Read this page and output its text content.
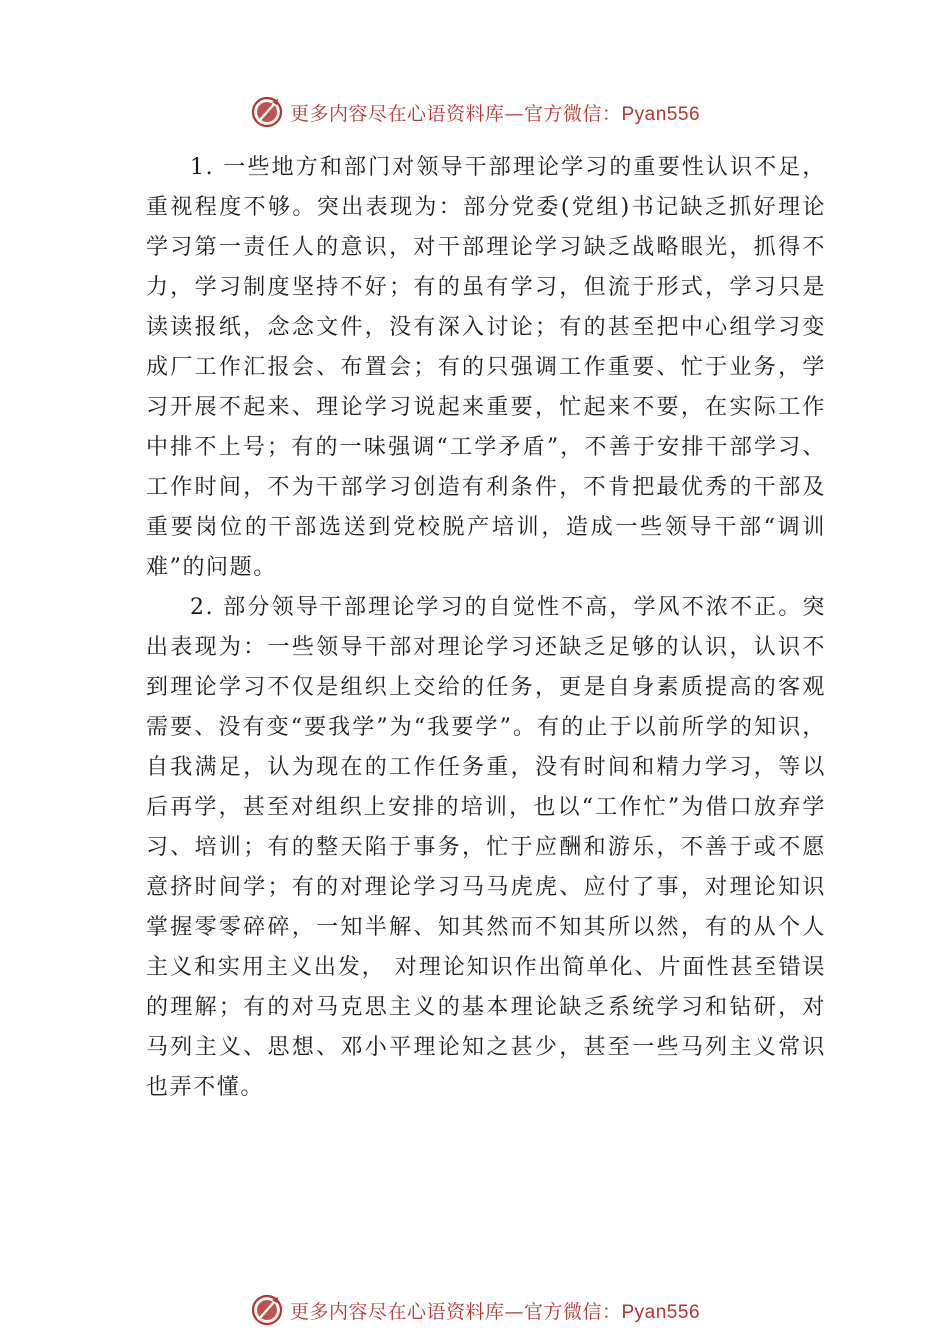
更多内容尽在心语资料库—官方微信：Pyan556

1. 一些地方和部门对领导干部理论学习的重要性认识不足，重视程度不够。突出表现为：部分党委(党组)书记缺乏抓好理论学习第一责任人的意识，对干部理论学习缺乏战略眼光，抓得不力，学习制度坚持不好；有的虽有学习，但流于形式，学习只是读读报纸，念念文件，没有深入讨论；有的甚至把中心组学习变成厂工作汇报会、布置会；有的只强调工作重要、忙于业务，学习开展不起来、理论学习说起来重要，忙起来不要，在实际工作中排不上号；有的一味强调“工学矛盾”，不善于安排干部学习、工作时间，不为干部学习创造有利条件，不肯把最优秀的干部及重要岗位的干部选送到党校脱产培训，造成一些领导干部“调训难”的问题。

2. 部分领导干部理论学习的自觉性不高，学风不浓不正。突出表现为：一些领导干部对理论学习还缺乏足够的认识，认识不到理论学习不仅是组织上交给的任务，更是自身素质提高的客观需要、没有变“要我学”为“我要学”。有的止于以前所学的知识，自我满足，认为现在的工作任务重，没有时间和精力学习，等以后再学，甚至对组织上安排的培训，也以“工作忙”为借口放弃学习、培训；有的整天陷于事务，忙于应酬和游乐，不善于或不愿意挤时间学；有的对理论学习马马虎虎、应付了事，对理论知识掌握零零碎碎，一知半解、知其然而不知其所以然，有的从个人主义和实用主义出发， 对理论知识作出简单化、片面性甚至错误的理解；有的对马克思主义的基本理论缺乏系统学习和钻研，对马列主义、思想、邓小平理论知之甚少，甚至一些马列主义常识也弄不懂。

更多内容尽在心语资料库—官方微信：Pyan556
